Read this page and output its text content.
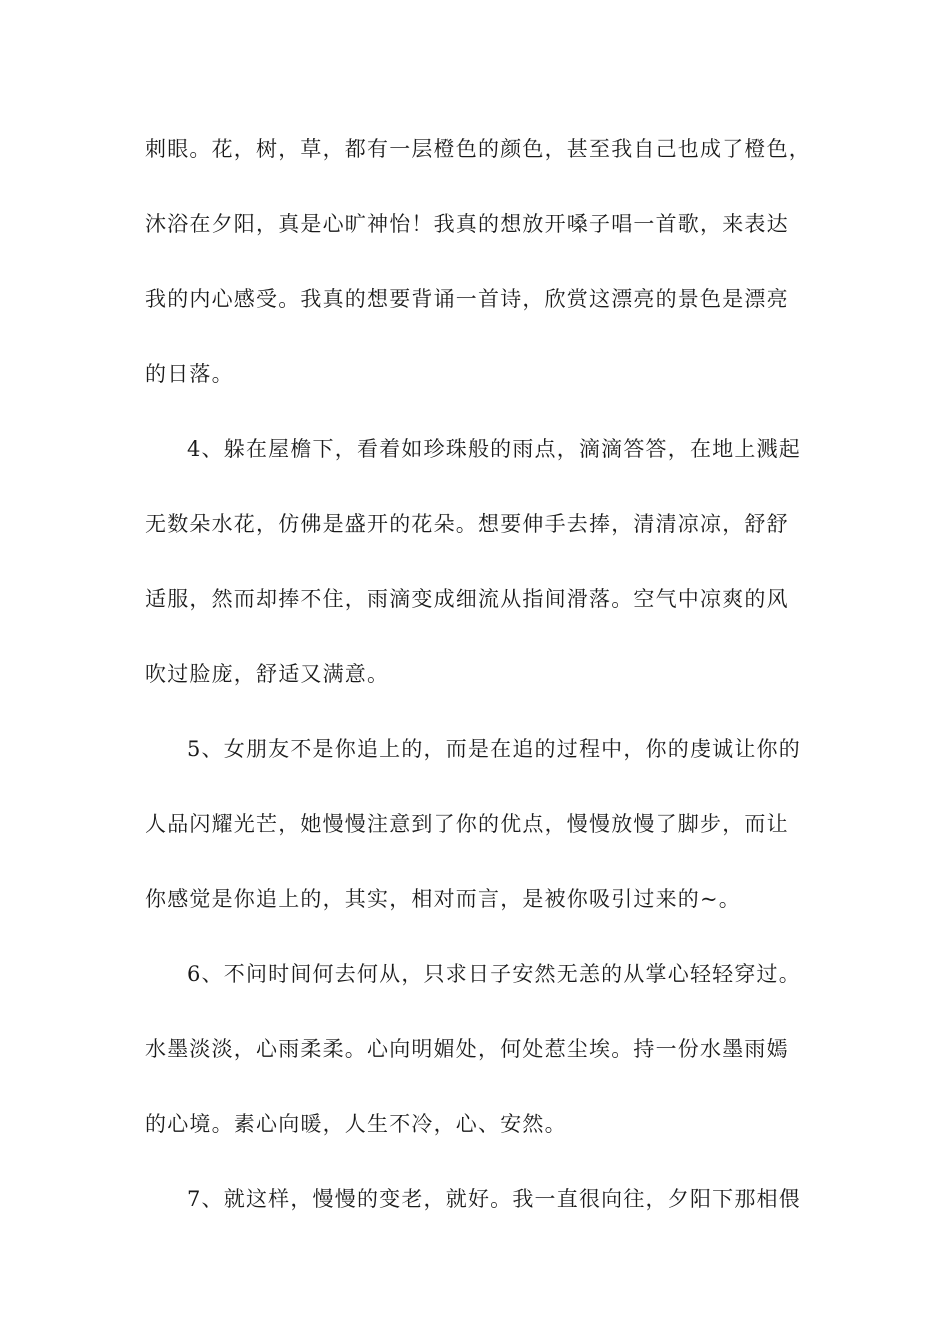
刺眼。花，树，草，都有一层橙色的颜色，甚至我自己也成了橙色，
沐浴在夕阳，真是心旷神怡！我真的想放开嗓子唱一首歌，来表达
我的内心感受。我真的想要背诵一首诗，欣赏这漂亮的景色是漂亮
的日落。
4、躲在屋檐下，看着如珍珠般的雨点，滴滴答答，在地上溅起
无数朵水花，仿佛是盛开的花朵。想要伸手去捧，清清凉凉，舒舒
适服，然而却捧不住，雨滴变成细流从指间滑落。空气中凉爽的风
吹过脸庞，舒适又满意。
5、女朋友不是你追上的，而是在追的过程中，你的虔诚让你的
人品闪耀光芒，她慢慢注意到了你的优点，慢慢放慢了脚步，而让
你感觉是你追上的，其实，相对而言，是被你吸引过来的~。
6、不问时间何去何从，只求日子安然无恙的从掌心轻轻穿过。
水墨淡淡，心雨柔柔。心向明媚处，何处惹尘埃。持一份水墨雨嫣
的心境。素心向暖，人生不冷，心、安然。
7、就这样，慢慢的变老，就好。我一直很向往，夕阳下那相偎
